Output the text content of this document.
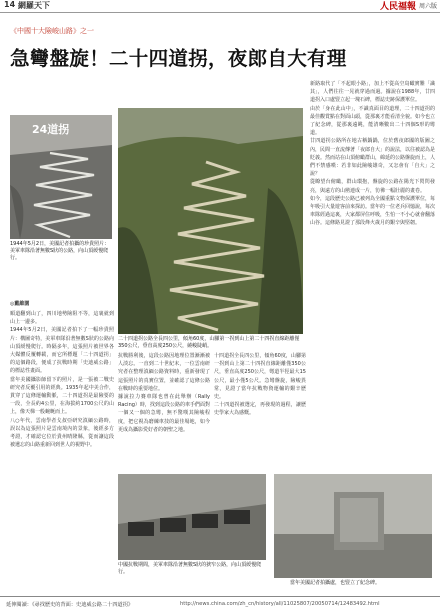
14 網羅天下	人民福報 周六版
《中國十大險峻山路》之一
急彎盤旋！二十四道拐，夜郎自大有理
24道拐
1944年5月2日，美國記者拍攝的珍貴照片：美軍車隊沿著無數S狀的公路，向山頂緩慢爬行。
二十四道拐公路全長四公里，傾角60度，山腳第一拐到山上第二十四拐直線距離僅350公尺，垂直高度250公尺，繞峻陡峭。
新路取代了「不起眼小路」，加上不從高空鳥瞰實難「識其」，人們往往一晃就穿過而過。據說在1988年，廿四道拐入口處豎立起一塊石碑，標誌史跡保護單位。
由於「身在此山中」，不識真面目的道理，二十四道拐的最佳觀賞點在對面山頭，從那裏才能看清全貌。如今也立了紀念碑，從那裏遠眺，能清晰數出二十四個S形的彎道。
廿四道拐公路所在地古稱鍋鍋，位於舊夜郎國的版圖之內，民間一直流傳著「夜郎自大」的說法，以往被認為是貶義。然而站在山頂俯瞰群山，綿延的公路盤旋而上，人們不禁感嘆：若非如此險峻雄奇，又怎會有「自大」之說？
從瞭望台俯瞰，群山環抱，盤旋的公路在陽光下閃閃發亮，與遠方的山巒連成一片，彷彿一幅壯麗的畫卷。
如今，這段歷史公路已被列為全國重點文物保護單位，每年吸引大量遊客前來探訪。當年的一位老兵回憶說，每次車隊經過這裏，大家都屏住呼吸，生怕一不小心就會翻落山谷。這條路見證了那段烽火歲月的艱辛與堅韌。
◎戴維園
順道翻到山了，四川地勢險阻不等，這裏就到山上一邊多。
1944年5月2日，美國記者拍下了一幅珍貴照片：構圖奇特，美軍車隊沿著無數S狀的公路向山頂緩慢爬行。時隔多年，這張照片被世界各大媒體反覆轉載，而它所標題「二十四道拐」的這個路段，便成了抗戰時期「史迪威公路」的標誌性畫面。
當年美國攝影師留下的照片，是一張被二戰史研究者反覆引用的經典。1935年起中美合作，貫穿了這條運輸動脈，二十四道拐是最險要的一段，全長約4公里，在海拔約1700公尺的山上，像天梯一般蜿蜒而上。
八○年代，雲南學者戈叔亞研究滇緬公路時，誤以為這張照片是雲南境內的景象，後經多方考證，才確認它位於貴州晴隆縣，從而讓這段被遺忘的山路重新回到世人的視野中。
抗戰勝利後，這段公路因地理位置漸漸被人淡忘。一直到二十世紀末，一位雲南研究者在整理滇緬公路資料時，重新發現了這張照片的真實位置，並確認了這條公路在戰時的重要地位。
據說拉力賽車隊也曾在此舉辦（Rally Racing）時，找到這段公路的車手們面對一個又一個的急彎，無不驚嘆其險峻程度，把它視為磨練車技的最佳場地，如今更成為攝影愛好者的朝聖之地。
十四道拐全長四公里，傾角60度，山腳第一拐到山上第二十四拐直線距離僅350公尺，垂直高度250公尺，彎道半徑最大15公尺，最小僅5公尺。急彎盤旋，險峻異常，見證了當年抗戰物資運輸的艱辛歷史。
二十四道拐被選定，再發現的過程，讓歷史學家大為感慨。
中國抗戰期間，美軍車隊沿著無數S狀的狹窄公路，向山頂緩慢爬行。
當年美國記者拍攝處，也豎立了紀念碑。
延伸閱讀：《尋找歷史的背面：史迪威公路二十四道拐》	http://news.china.com/zh_cn/history/all/11025807/20050714/12483492.html
